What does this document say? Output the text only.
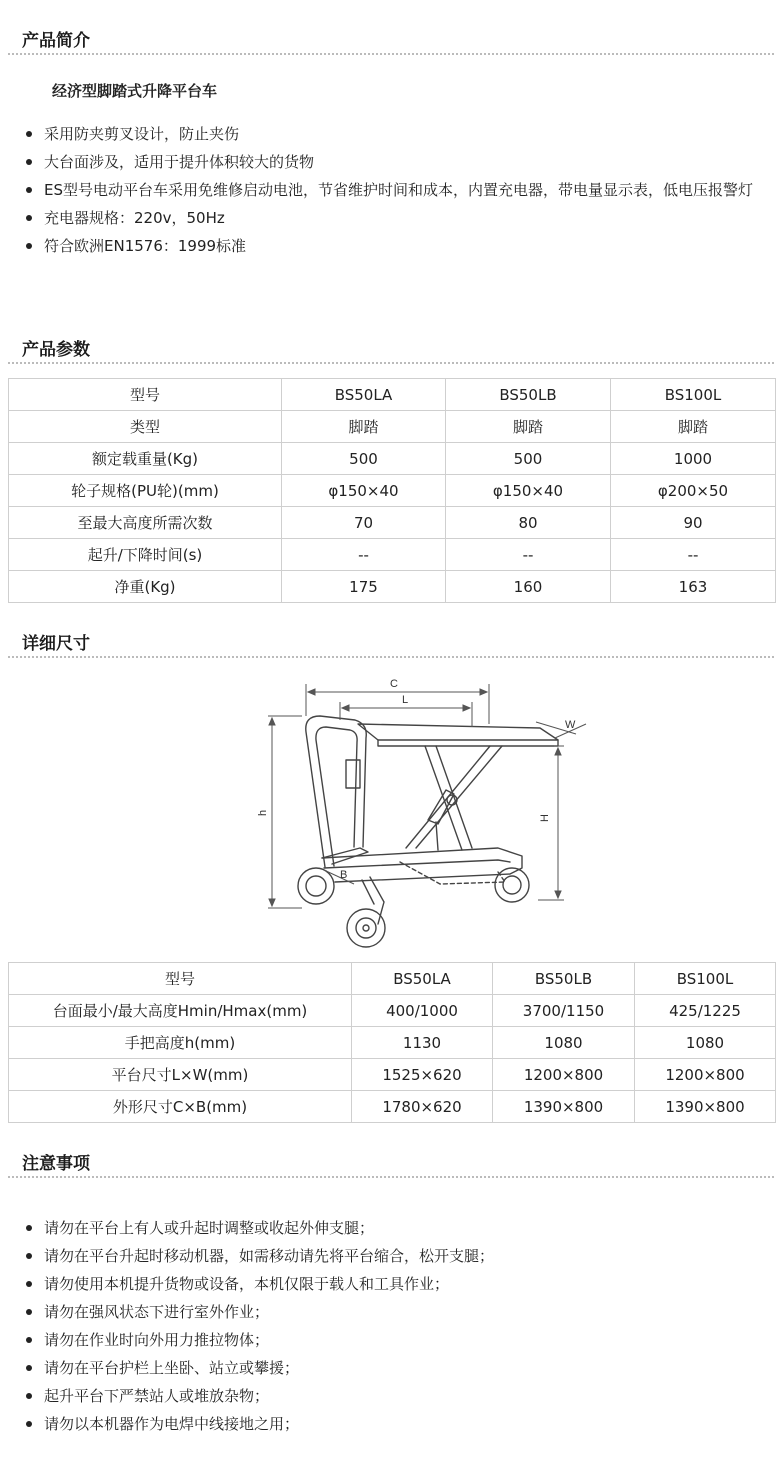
产品简介
经济型脚踏式升降平台车
采用防夹剪叉设计，防止夹伤
大台面涉及，适用于提升体积较大的货物
ES型号电动平台车采用免维修启动电池，节省维护时间和成本，内置充电器，带电量显示表，低电压报警灯
充电器规格：220v，50Hz
符合欧洲EN1576：1999标准
产品参数
型号	BS50LA	BS50LB	BS100L
类型	脚踏	脚踏	脚踏
额定载重量(Kg)	500	500	1000
轮子规格(PU轮)(mm)	φ150×40	φ150×40	φ200×50
至最大高度所需次数	70	80	90
起升/下降时间(s)	--	--	--
净重(Kg)	175	160	163
详细尺寸
C
L
W
h
H
B
型号	BS50LA	BS50LB	BS100L
台面最小/最大高度Hmin/Hmax(mm)	400/1000	3700/1150	425/1225
手把高度h(mm)	1130	1080	1080
平台尺寸L×W(mm)	1525×620	1200×800	1200×800
外形尺寸C×B(mm)	1780×620	1390×800	1390×800
注意事项
请勿在平台上有人或升起时调整或收起外伸支腿；
请勿在平台升起时移动机器，如需移动请先将平台缩合，松开支腿；
请勿使用本机提升货物或设备，本机仅限于载人和工具作业；
请勿在强风状态下进行室外作业；
请勿在作业时向外用力推拉物体；
请勿在平台护栏上坐卧、站立或攀援；
起升平台下严禁站人或堆放杂物；
请勿以本机器作为电焊中线接地之用；
